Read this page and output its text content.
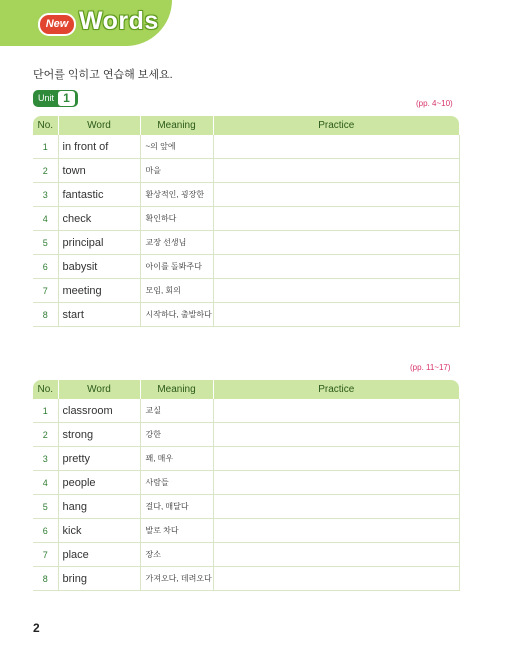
New Words
단어를 익히고 연습해 보세요.
Unit 1	(pp. 4~10)
No.	Word	Meaning	Practice
1	in front of	~의 앞에	
2	town	마을	
3	fantastic	환상적인, 굉장한	
4	check	확인하다	
5	principal	교장 선생님	
6	babysit	아이를 돌봐주다	
7	meeting	모임, 회의	
8	start	시작하다, 출발하다	
(pp. 11~17)
No.	Word	Meaning	Practice
1	classroom	교실	
2	strong	강한	
3	pretty	꽤, 매우	
4	people	사람들	
5	hang	걸다, 매달다	
6	kick	발로 차다	
7	place	장소	
8	bring	가져오다, 데려오다	
2
